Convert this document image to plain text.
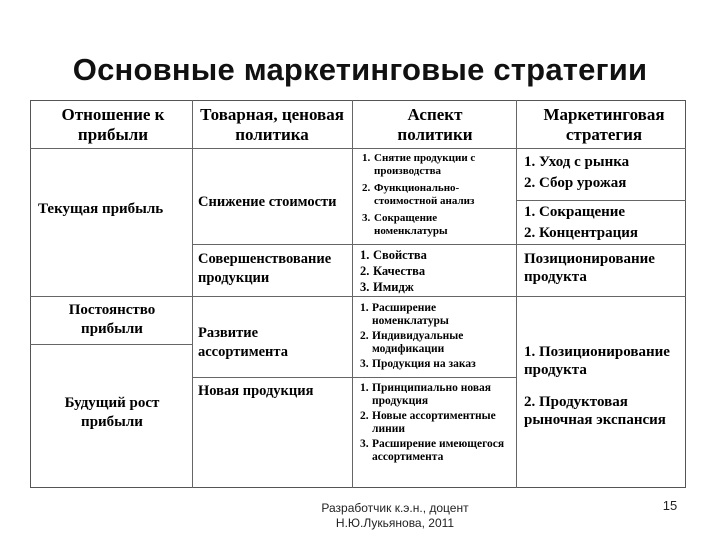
Основные маркетинговые стратегии
Отношение к прибыли
Товарная, ценовая политика
Аспект политики
Маркетинговая стратегия
Текущая прибыль
Постоянство прибыли
Будущий рост прибыли
Снижение стоимости
Совершенствование продукции
Развитие ассортимента
Новая продукция
1. Снятие продукции с производства
2. Функционально-стоимостной анализ
3. Сокращение номенклатуры
1. Свойства
2. Качества
3. Имидж
1. Расширение номенклатуры
2. Индивидуальные модификации
3. Продукция на заказ
1. Принципиально новая продукция
2. Новые ассортиментные линии
3. Расширение имеющегося ассортимента
1. Уход с рынка
2. Сбор урожая
1. Сокращение
2. Концентрация
Позиционирование продукта
1. Позиционирование продукта
2. Продуктовая рыночная экспансия
Разработчик к.э.н., доцент
Н.Ю.Лукьянова, 2011
15
